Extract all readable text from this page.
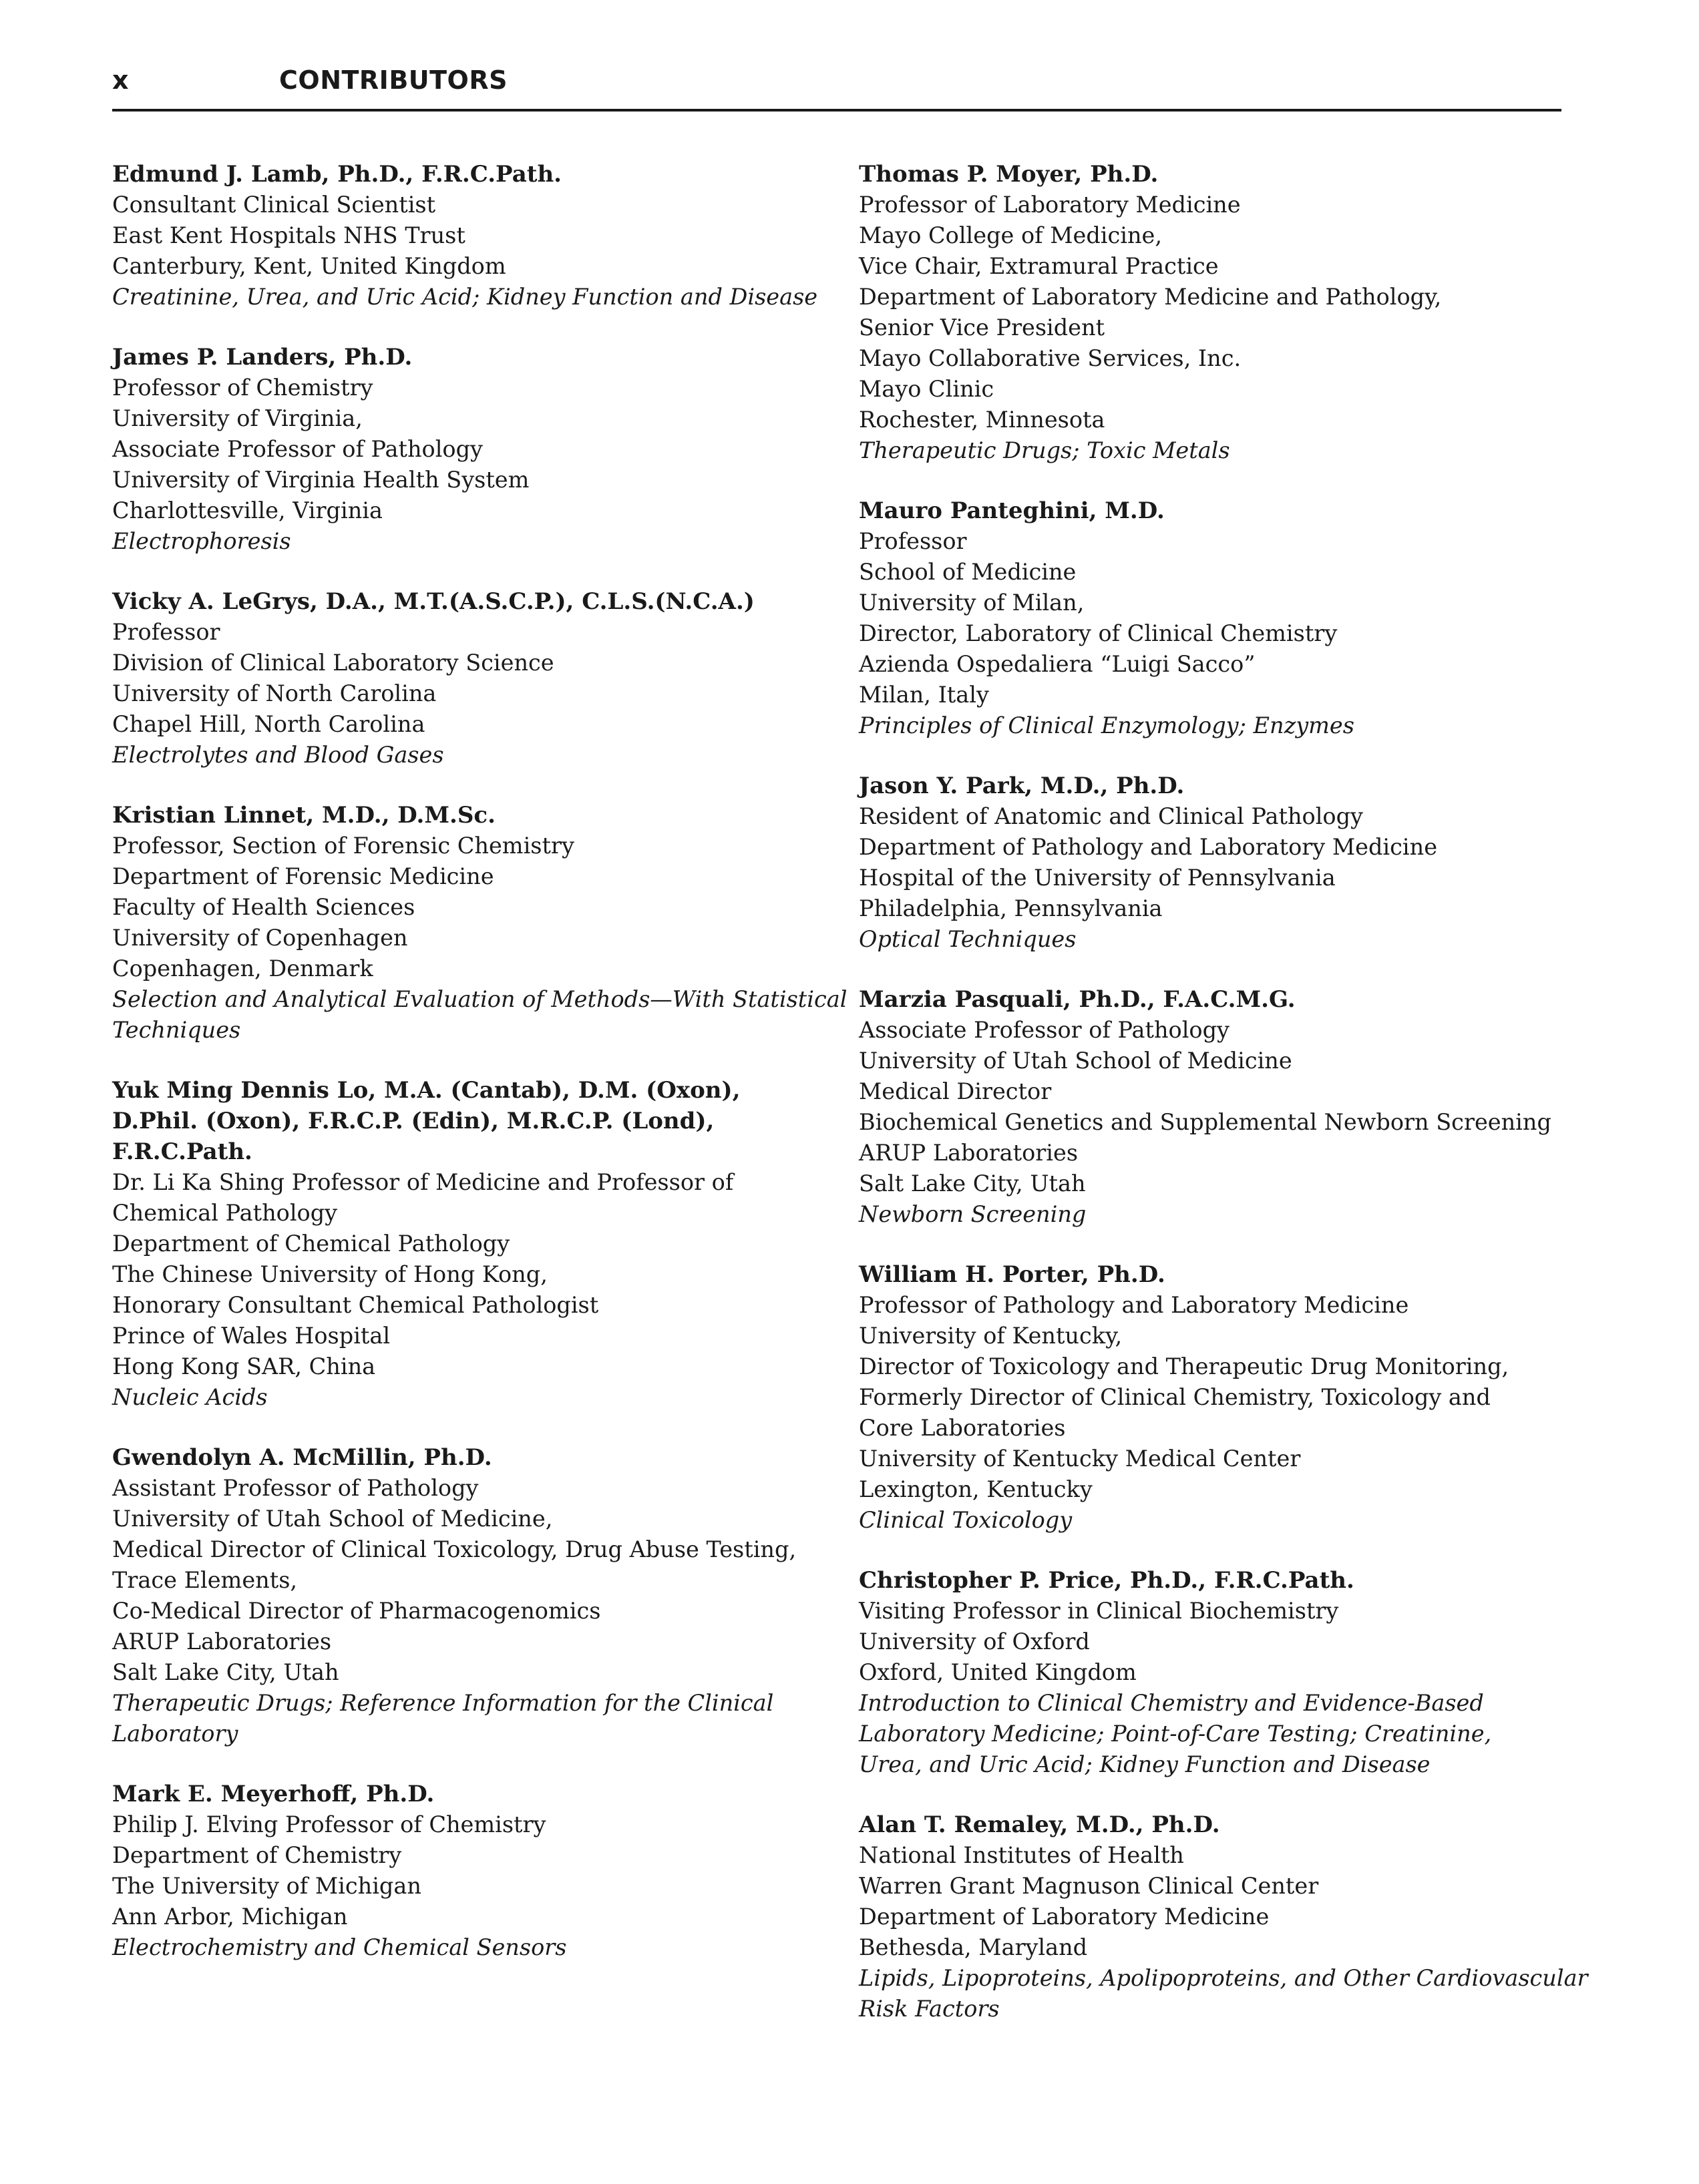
x	CONTRIBUTORS
Edmund J. Lamb, Ph.D., F.R.C.Path.
Consultant Clinical Scientist
East Kent Hospitals NHS Trust
Canterbury, Kent, United Kingdom
Creatinine, Urea, and Uric Acid; Kidney Function and Disease
James P. Landers, Ph.D.
Professor of Chemistry
University of Virginia,
Associate Professor of Pathology
University of Virginia Health System
Charlottesville, Virginia
Electrophoresis
Vicky A. LeGrys, D.A., M.T.(A.S.C.P.), C.L.S.(N.C.A.)
Professor
Division of Clinical Laboratory Science
University of North Carolina
Chapel Hill, North Carolina
Electrolytes and Blood Gases
Kristian Linnet, M.D., D.M.Sc.
Professor, Section of Forensic Chemistry
Department of Forensic Medicine
Faculty of Health Sciences
University of Copenhagen
Copenhagen, Denmark
Selection and Analytical Evaluation of Methods—With Statistical
Techniques
Yuk Ming Dennis Lo, M.A. (Cantab), D.M. (Oxon),
D.Phil. (Oxon), F.R.C.P. (Edin), M.R.C.P. (Lond),
F.R.C.Path.
Dr. Li Ka Shing Professor of Medicine and Professor of
Chemical Pathology
Department of Chemical Pathology
The Chinese University of Hong Kong,
Honorary Consultant Chemical Pathologist
Prince of Wales Hospital
Hong Kong SAR, China
Nucleic Acids
Gwendolyn A. McMillin, Ph.D.
Assistant Professor of Pathology
University of Utah School of Medicine,
Medical Director of Clinical Toxicology, Drug Abuse Testing,
Trace Elements,
Co-Medical Director of Pharmacogenomics
ARUP Laboratories
Salt Lake City, Utah
Therapeutic Drugs; Reference Information for the Clinical
Laboratory
Mark E. Meyerhoff, Ph.D.
Philip J. Elving Professor of Chemistry
Department of Chemistry
The University of Michigan
Ann Arbor, Michigan
Electrochemistry and Chemical Sensors
Thomas P. Moyer, Ph.D.
Professor of Laboratory Medicine
Mayo College of Medicine,
Vice Chair, Extramural Practice
Department of Laboratory Medicine and Pathology,
Senior Vice President
Mayo Collaborative Services, Inc.
Mayo Clinic
Rochester, Minnesota
Therapeutic Drugs; Toxic Metals
Mauro Panteghini, M.D.
Professor
School of Medicine
University of Milan,
Director, Laboratory of Clinical Chemistry
Azienda Ospedaliera “Luigi Sacco”
Milan, Italy
Principles of Clinical Enzymology; Enzymes
Jason Y. Park, M.D., Ph.D.
Resident of Anatomic and Clinical Pathology
Department of Pathology and Laboratory Medicine
Hospital of the University of Pennsylvania
Philadelphia, Pennsylvania
Optical Techniques
Marzia Pasquali, Ph.D., F.A.C.M.G.
Associate Professor of Pathology
University of Utah School of Medicine
Medical Director
Biochemical Genetics and Supplemental Newborn Screening
ARUP Laboratories
Salt Lake City, Utah
Newborn Screening
William H. Porter, Ph.D.
Professor of Pathology and Laboratory Medicine
University of Kentucky,
Director of Toxicology and Therapeutic Drug Monitoring,
Formerly Director of Clinical Chemistry, Toxicology and
Core Laboratories
University of Kentucky Medical Center
Lexington, Kentucky
Clinical Toxicology
Christopher P. Price, Ph.D., F.R.C.Path.
Visiting Professor in Clinical Biochemistry
University of Oxford
Oxford, United Kingdom
Introduction to Clinical Chemistry and Evidence-Based
Laboratory Medicine; Point-of-Care Testing; Creatinine,
Urea, and Uric Acid; Kidney Function and Disease
Alan T. Remaley, M.D., Ph.D.
National Institutes of Health
Warren Grant Magnuson Clinical Center
Department of Laboratory Medicine
Bethesda, Maryland
Lipids, Lipoproteins, Apolipoproteins, and Other Cardiovascular
Risk Factors
